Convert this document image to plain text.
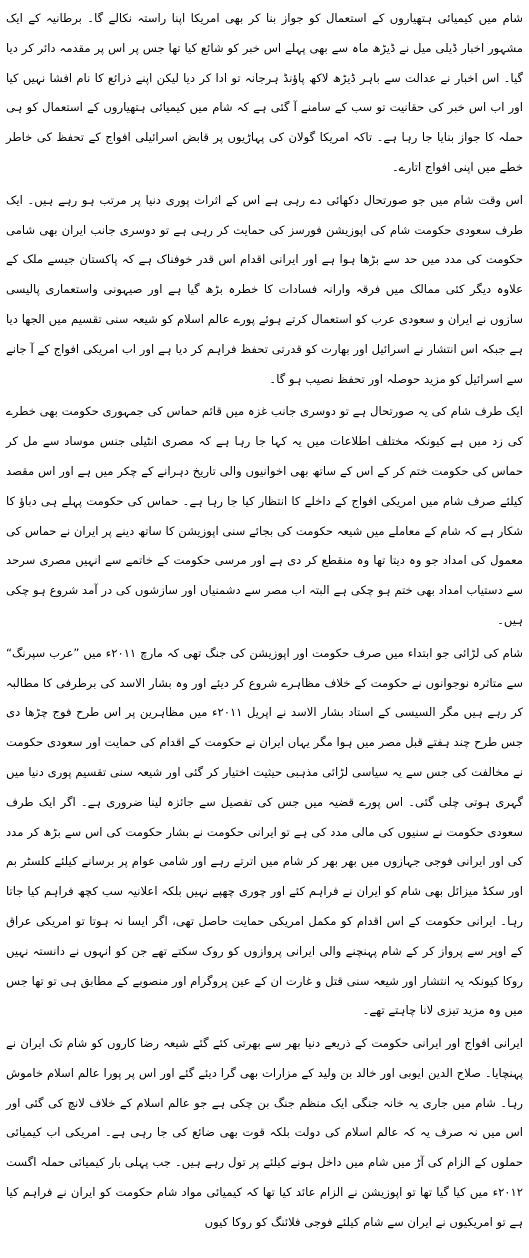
شام میں کیمیائی ہتھیاروں کے استعمال کو جواز بنا کر بھی امریکا اپنا راستہ نکالے گا۔ برطانیہ کے ایک مشہور اخبار ڈیلی میل نے ڈیڑھ ماہ سے بھی پہلے اس خبر کو شائع کیا تھا جس پر اس پر مقدمہ دائر کر دیا گیا۔ اس اخبار نے عدالت سے باہر ڈیڑھ لاکھ پاؤنڈ ہرجانہ تو ادا کر دیا لیکن اپنے ذرائع کا نام افشا نہیں کیا اور اب اس خبر کی حقانیت تو سب کے سامنے آ گئی ہے کہ شام میں کیمیائی ہتھیاروں کے استعمال کو ہی حملہ کا جواز بنایا جا رہا ہے۔ تاکہ امریکا گولان کی پہاڑیوں پر قابض اسرائیلی افواج کے تحفظ کی خاطر خطے میں اپنی افواج اتارے۔

اس وقت شام میں جو صورتحال دکھائی دے رہی ہے اس کے اثرات پوری دنیا پر مرتب ہو رہے ہیں۔ ایک طرف سعودی حکومت شام کی اپوزیشن فورسز کی حمایت کر رہی ہے تو دوسری جانب ایران بھی شامی حکومت کی مدد میں حد سے بڑھا ہوا ہے اور ایرانی اقدام اس قدر خوفناک ہے کہ پاکستان جیسے ملک کے علاوہ دیگر کئی ممالک میں فرقہ وارانہ فسادات کا خطرہ بڑھ گیا ہے اور صیہونی واستعماری پالیسی سازوں نے ایران و سعودی عرب کو استعمال کرتے ہوئے پورے عالم اسلام کو شیعہ سنی تقسیم میں الجھا دیا ہے جبکہ اس انتشار نے اسرائیل اور بھارت کو قدرتی تحفظ فراہم کر دیا ہے اور اب امریکی افواج کے آ جانے سے اسرائیل کو مزید حوصلہ اور تحفظ نصیب ہو گا۔

ایک طرف شام کی یہ صورتحال ہے تو دوسری جانب غزہ میں قائم حماس کی جمہوری حکومت بھی خطرے کی زد میں ہے کیونکہ مختلف اطلاعات میں یہ کہا جا رہا ہے کہ مصری انٹیلی جنس موساد سے مل کر حماس کی حکومت ختم کر کے اس کے ساتھ بھی اخوانیوں والی تاریخ دہرانے کے چکر میں ہے اور اس مقصد کیلئے صرف شام میں امریکی افواج کے داخلے کا انتظار کیا جا رہا ہے۔ حماس کی حکومت پہلے ہی دباؤ کا شکار ہے کہ شام کے معاملے میں شیعہ حکومت کی بجائے سنی اپوزیشن کا ساتھ دینے پر ایران نے حماس کی معمول کی امداد جو وہ دیتا تھا وہ منقطع کر دی ہے اور مرسی حکومت کے خاتمے سے انہیں مصری سرحد سے دستیاب امداد بھی ختم ہو چکی ہے البتہ اب مصر سے دشمنیاں اور سازشوں کی در آمد شروع ہو چکی ہیں۔

شام کی لڑائی جو ابتداء میں صرف حکومت اور اپوزیشن کی جنگ تھی کہ مارچ ۲۰۱۱ء میں ”عرب سپرنگ“ سے متاثرہ نوجوانوں نے حکومت کے خلاف مظاہرے شروع کر دیئے اور وہ بشار الاسد کی برطرفی کا مطالبہ کر رہے ہیں مگر السیسی کے استاد بشار الاسد نے اپریل ۲۰۱۱ء میں مظاہرین پر اس طرح فوج چڑھا دی جس طرح چند ہفتے قبل مصر میں ہوا مگر یہاں ایران نے حکومت کے اقدام کی حمایت اور سعودی حکومت نے مخالفت کی جس سے یہ سیاسی لڑائی مذہبی حیثیت اختیار کر گئی اور شیعہ سنی تقسیم پوری دنیا میں گہری ہوتی چلی گئی۔ اس پورے قضیہ میں جس کی تفصیل سے جائزہ لینا ضروری ہے۔ اگر ایک طرف سعودی حکومت نے سنیوں کی مالی مدد کی ہے تو ایرانی حکومت نے بشار حکومت کی اس سے بڑھ کر مدد کی اور ایرانی فوجی جہازوں میں بھر بھر کر شام میں اترتے رہے اور شامی عوام پر برسانے کیلئے کلسٹر بم اور سکڈ میزائل بھی شام کو ایران نے فراہم کئے اور چوری چھپے نہیں بلکہ اعلانیہ سب کچھ فراہم کیا جاتا رہا۔ ایرانی حکومت کے اس اقدام کو مکمل امریکی حمایت حاصل تھی، اگر ایسا نہ ہوتا تو امریکی عراق کے اوپر سے پرواز کر کے شام پہنچنے والی ایرانی پروازوں کو روک سکتے تھے جن کو انہوں نے دانستہ نہیں روکا کیونکہ یہ انتشار اور شیعہ سنی قتل و غارت ان کے عین پروگرام اور منصوبے کے مطابق ہی تو تھا جس میں وہ مزید تیزی لانا چاہتے تھے۔

ایرانی افواج اور ایرانی حکومت کے ذریعے دنیا بھر سے بھرتی کئے گئے شیعہ رضا کاروں کو شام تک ایران نے پہنچایا۔ صلاح الدین ایوبی اور خالد بن ولید کے مزارات بھی گرا دیئے گئے اور اس پر پورا عالم اسلام خاموش رہا۔ شام میں جاری یہ خانہ جنگی ایک منظم جنگ بن چکی ہے جو عالم اسلام کے خلاف لانچ کی گئی اور اس میں نہ صرف یہ کہ عالم اسلام کی دولت بلکہ قوت بھی ضائع کی جا رہی ہے۔ امریکی اب کیمیائی حملوں کے الزام کی آڑ میں شام میں داخل ہونے کیلئے پر تول رہے ہیں۔ جب پہلی بار کیمیائی حملہ اگست ۲۰۱۲ء میں کیا گیا تھا تو اپوزیشن نے الزام عائد کیا تھا کہ کیمیائی مواد شام حکومت کو ایران نے فراہم کیا ہے تو امریکیوں نے ایران سے شام کیلئے فوجی فلائنگ کو روکا کیوں
